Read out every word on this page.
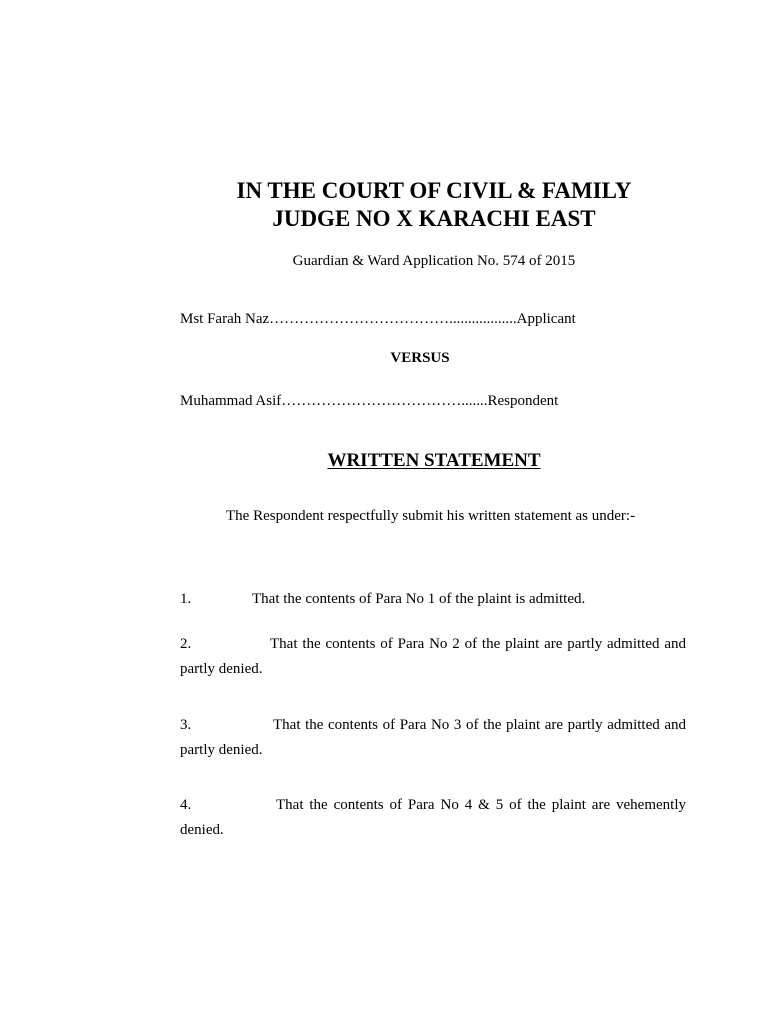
IN THE COURT OF CIVIL & FAMILY

JUDGE NO X KARACHI EAST

Guardian & Ward Application No. 574 of 2015

Mst Farah Naz………………………………..................Applicant

VERSUS

Muhammad Asif……………………………….......Respondent

WRITTEN STATEMENT

The Respondent respectfully submit his written statement as under:-

1.	That the contents of Para No 1 of the plaint is admitted.

2.	That the contents of Para No 2 of the plaint are partly admitted and partly denied.

3.	That the contents of Para No 3 of the plaint are partly admitted and partly denied.

4.	That the contents of Para No 4 & 5 of the plaint are vehemently denied.
